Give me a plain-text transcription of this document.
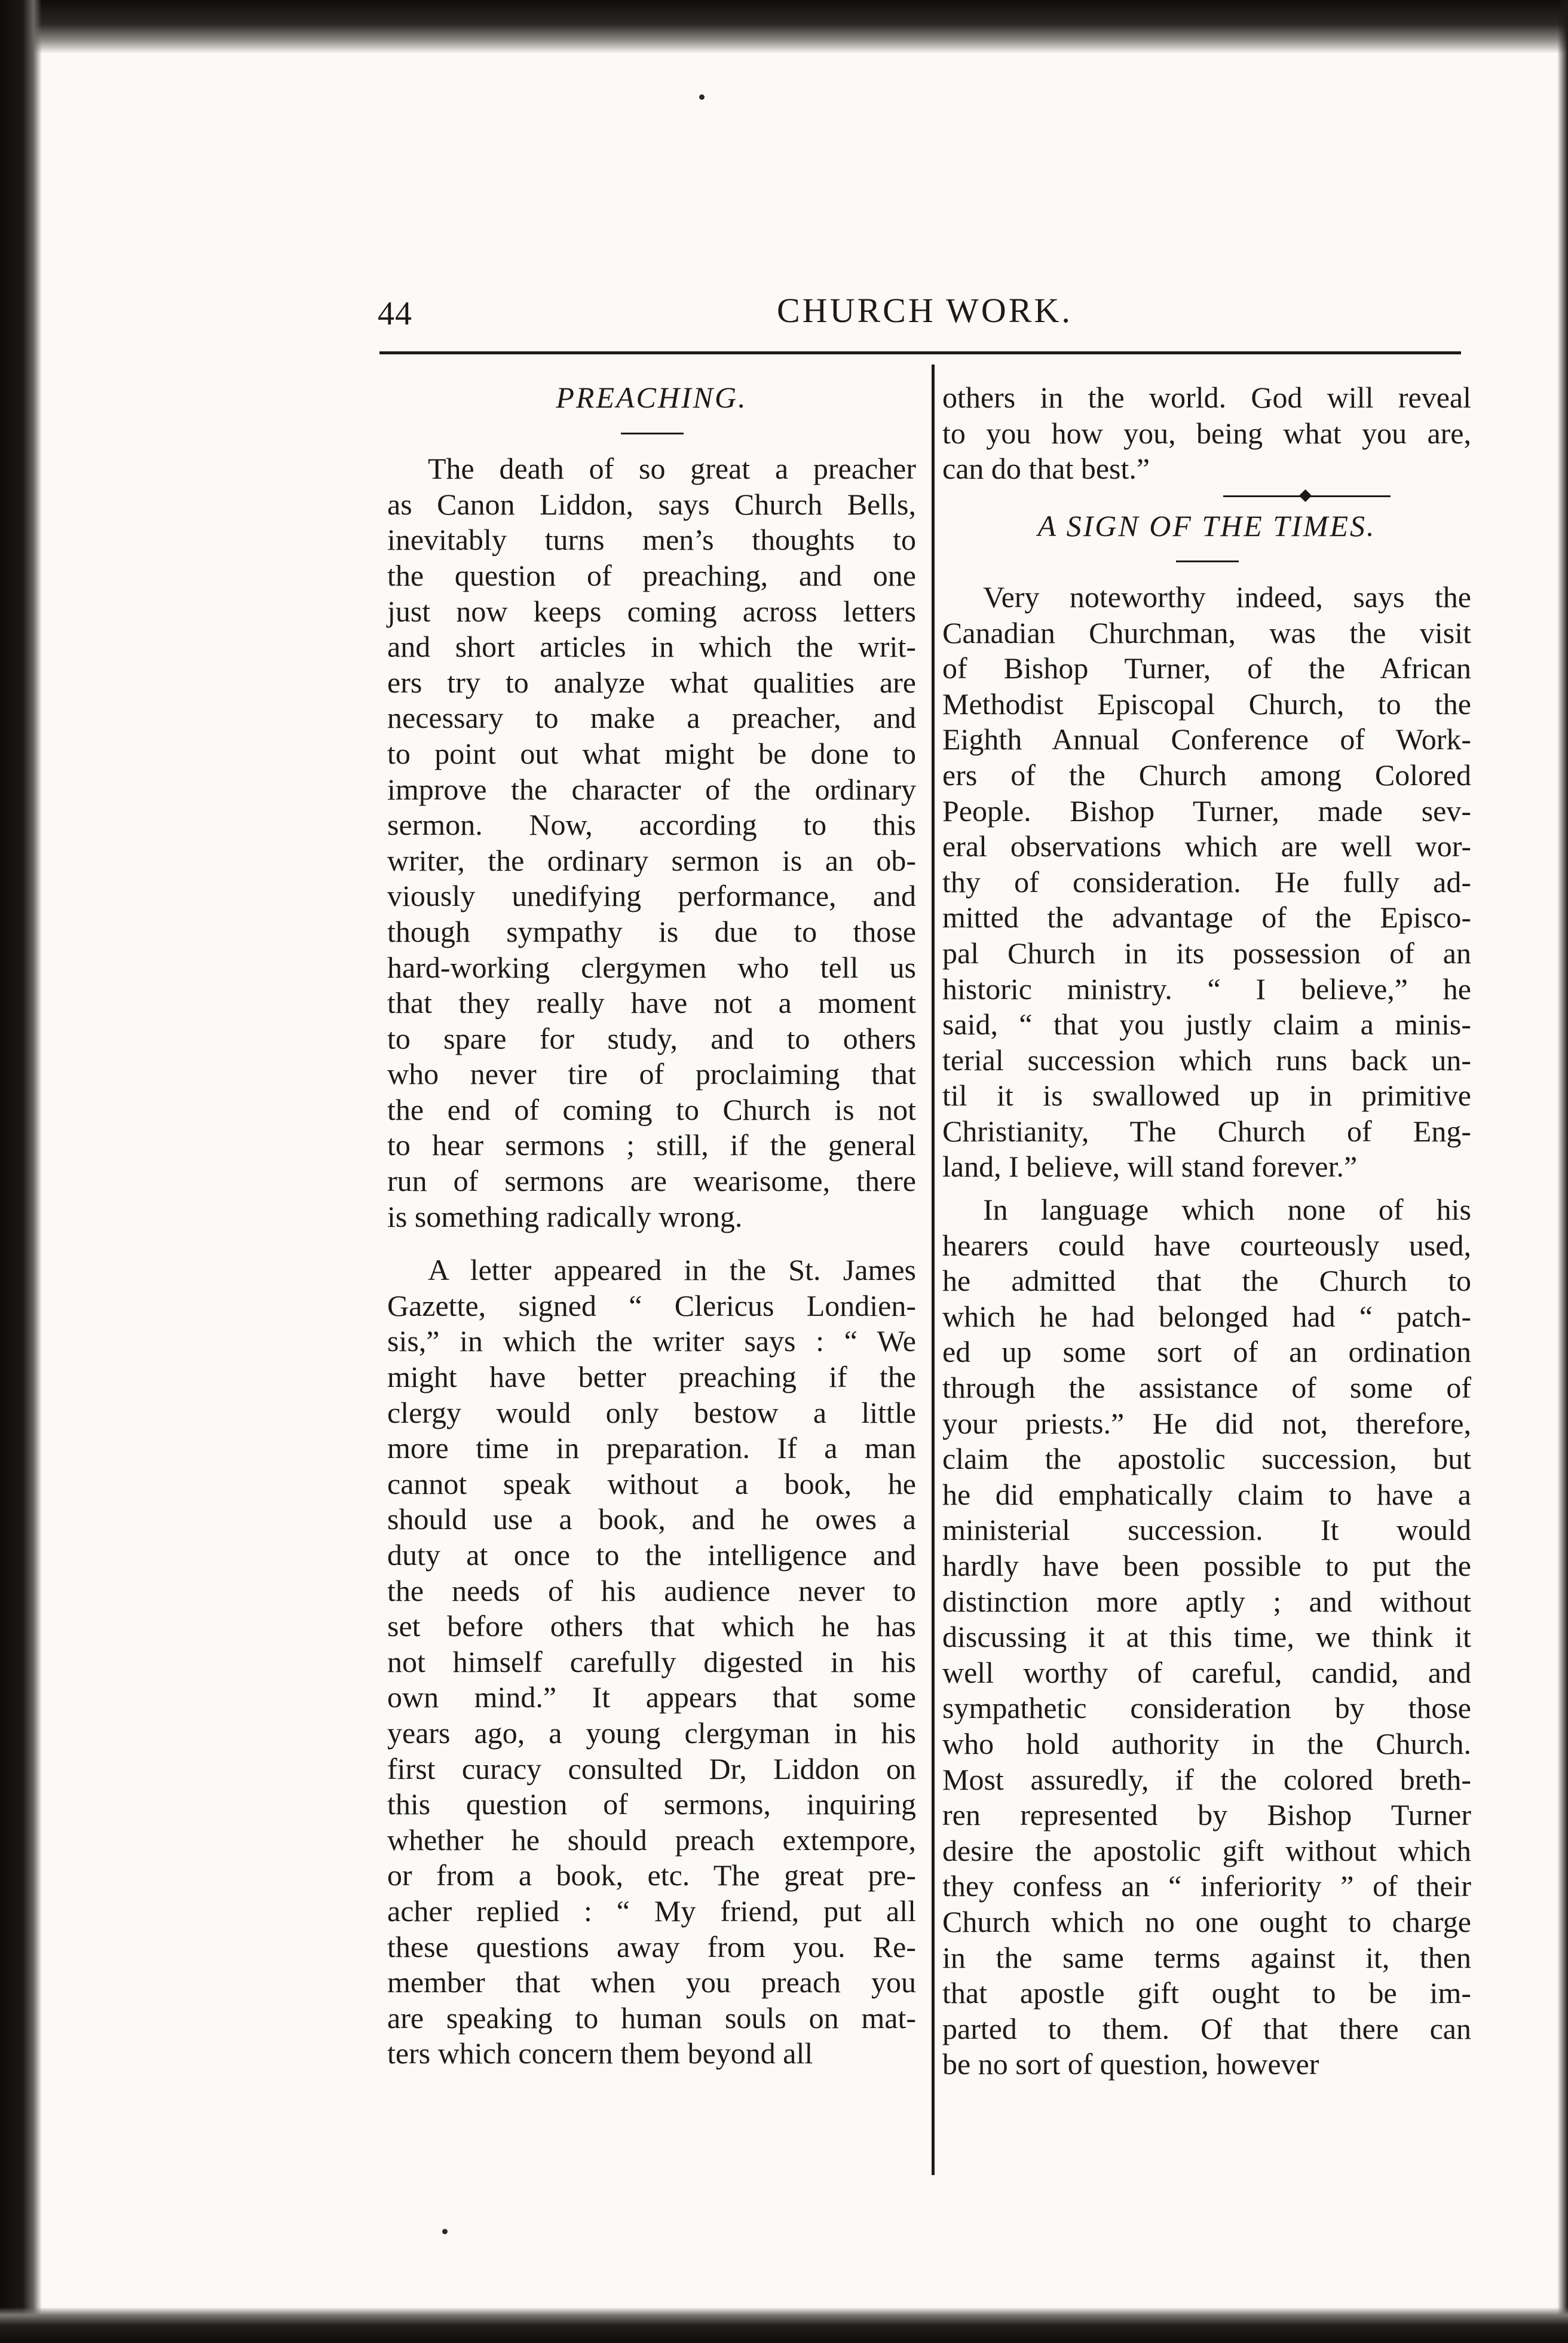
44	CHURCH WORK.
PREACHING.
The death of so great a preacher
as Canon Liddon, says Church Bells,
inevitably turns men’s thoughts to
the question of preaching, and one
just now keeps coming across letters
and short articles in which the writ-
ers try to analyze what qualities are
necessary to make a preacher, and
to point out what might be done to
improve the character of the ordinary
sermon. Now, according to this
writer, the ordinary sermon is an ob-
viously unedifying performance, and
though sympathy is due to those
hard-working clergymen who tell us
that they really have not a moment
to spare for study, and to others
who never tire of proclaiming that
the end of coming to Church is not
to hear sermons ; still, if the general
run of sermons are wearisome, there
is something radically wrong.
A letter appeared in the St. James
Gazette, signed “ Clericus Londien-
sis,” in which the writer says : “ We
might have better preaching if the
clergy would only bestow a little
more time in preparation. If a man
cannot speak without a book, he
should use a book, and he owes a
duty at once to the intelligence and
the needs of his audience never to
set before others that which he has
not himself carefully digested in his
own mind.” It appears that some
years ago, a young clergyman in his
first curacy consulted Dr, Liddon on
this question of sermons, inquiring
whether he should preach extempore,
or from a book, etc. The great pre-
acher replied : “ My friend, put all
these questions away from you. Re-
member that when you preach you
are speaking to human souls on mat-
ters which concern them beyond all
others in the world. God will reveal
to you how you, being what you are,
can do that best.”
A SIGN OF THE TIMES.
Very noteworthy indeed, says the
Canadian Churchman, was the visit
of Bishop Turner, of the African
Methodist Episcopal Church, to the
Eighth Annual Conference of Work-
ers of the Church among Colored
People. Bishop Turner, made sev-
eral observations which are well wor-
thy of consideration. He fully ad-
mitted the advantage of the Episco-
pal Church in its possession of an
historic ministry. “ I believe,” he
said, “ that you justly claim a minis-
terial succession which runs back un-
til it is swallowed up in primitive
Christianity, The Church of Eng-
land, I believe, will stand forever.”
In language which none of his
hearers could have courteously used,
he admitted that the Church to
which he had belonged had “ patch-
ed up some sort of an ordination
through the assistance of some of
your priests.” He did not, therefore,
claim the apostolic succession, but
he did emphatically claim to have a
ministerial succession. It would
hardly have been possible to put the
distinction more aptly ; and without
discussing it at this time, we think it
well worthy of careful, candid, and
sympathetic consideration by those
who hold authority in the Church.
Most assuredly, if the colored breth-
ren represented by Bishop Turner
desire the apostolic gift without which
they confess an “ inferiority ” of their
Church which no one ought to charge
in the same terms against it, then
that apostle gift ought to be im-
parted to them. Of that there can
be no sort of question, however
